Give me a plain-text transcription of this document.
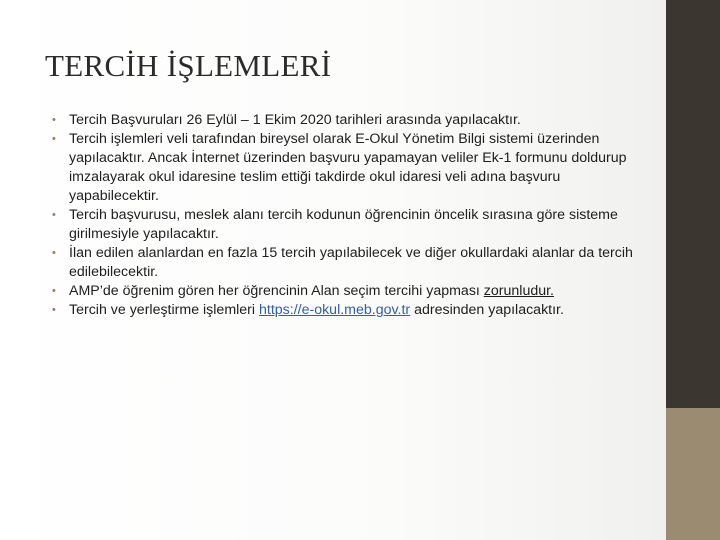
TERCİH İŞLEMLERİ
• Tercih Başvuruları 26 Eylül – 1 Ekim 2020 tarihleri arasında yapılacaktır.
• Tercih işlemleri veli tarafından bireysel olarak E-Okul Yönetim Bilgi sistemi üzerinden yapılacaktır. Ancak İnternet üzerinden başvuru yapamayan veliler Ek-1 formunu doldurup imzalayarak okul idaresine teslim ettiği takdirde okul idaresi veli adına başvuru yapabilecektir.
• Tercih başvurusu, meslek alanı tercih kodunun öğrencinin öncelik sırasına göre sisteme girilmesiyle yapılacaktır.
• İlan edilen alanlardan en fazla 15 tercih yapılabilecek ve diğer okullardaki alanlar da tercih edilebilecektir.
• AMP’de öğrenim gören her öğrencinin Alan seçim tercihi yapması zorunludur.
• Tercih ve yerleştirme işlemleri https://e-okul.meb.gov.tr adresinden yapılacaktır.
